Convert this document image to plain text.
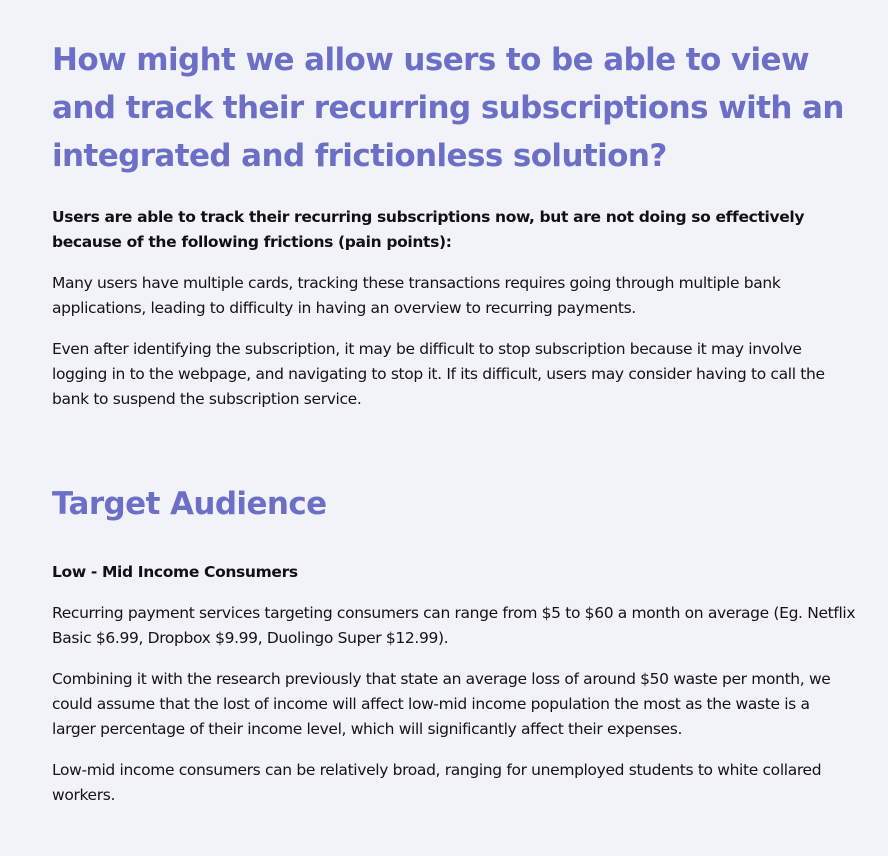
How might we allow users to be able to view and track their recurring subscriptions with an integrated and frictionless solution?

Users are able to track their recurring subscriptions now, but are not doing so effectively because of the following frictions (pain points):

Many users have multiple cards, tracking these transactions requires going through multiple bank applications, leading to difficulty in having an overview to recurring payments.

Even after identifying the subscription, it may be difficult to stop subscription because it may involve logging in to the webpage, and navigating to stop it. If its difficult, users may consider having to call the bank to suspend the subscription service.

Target Audience

Low - Mid Income Consumers

Recurring payment services targeting consumers can range from $5 to $60 a month on average (Eg. Netflix Basic $6.99, Dropbox $9.99, Duolingo Super $12.99).

Combining it with the research previously that state an average loss of around $50 waste per month, we could assume that the lost of income will affect low-mid income population the most as the waste is a larger percentage of their income level, which will significantly affect their expenses.

Low-mid income consumers can be relatively broad, ranging for unemployed students to white collared workers.
